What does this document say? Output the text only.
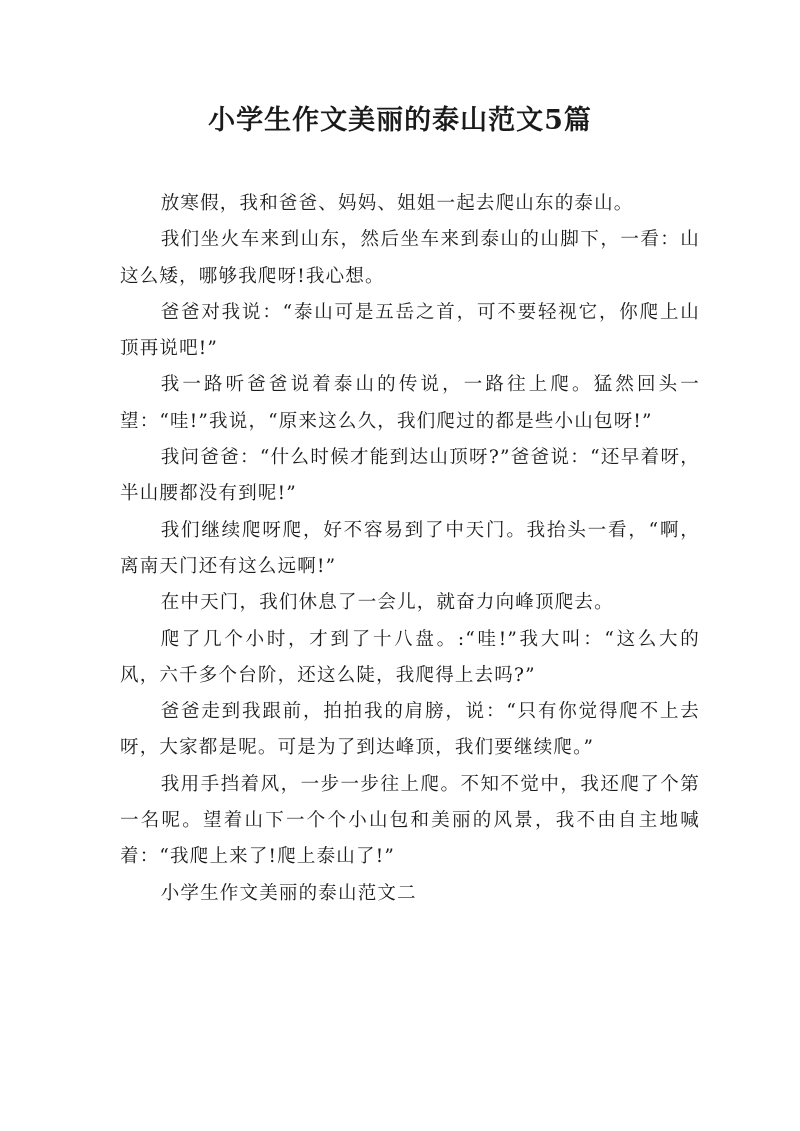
小学生作文美丽的泰山范文5篇

放寒假，我和爸爸、妈妈、姐姐一起去爬山东的泰山。

我们坐火车来到山东，然后坐车来到泰山的山脚下，一看：山这么矮，哪够我爬呀!我心想。

爸爸对我说：“泰山可是五岳之首，可不要轻视它，你爬上山顶再说吧!”

我一路听爸爸说着泰山的传说，一路往上爬。猛然回头一望：“哇!”我说，“原来这么久，我们爬过的都是些小山包呀!”

我问爸爸：“什么时候才能到达山顶呀?”爸爸说：“还早着呀，半山腰都没有到呢!”

我们继续爬呀爬，好不容易到了中天门。我抬头一看，“啊，离南天门还有这么远啊!”

在中天门，我们休息了一会儿，就奋力向峰顶爬去。

爬了几个小时，才到了十八盘。:“哇!”我大叫：“这么大的风，六千多个台阶，还这么陡，我爬得上去吗?”

爸爸走到我跟前，拍拍我的肩膀，说：“只有你觉得爬不上去呀，大家都是呢。可是为了到达峰顶，我们要继续爬。”

我用手挡着风，一步一步往上爬。不知不觉中，我还爬了个第一名呢。望着山下一个个小山包和美丽的风景，我不由自主地喊着：“我爬上来了!爬上泰山了!”

小学生作文美丽的泰山范文二
